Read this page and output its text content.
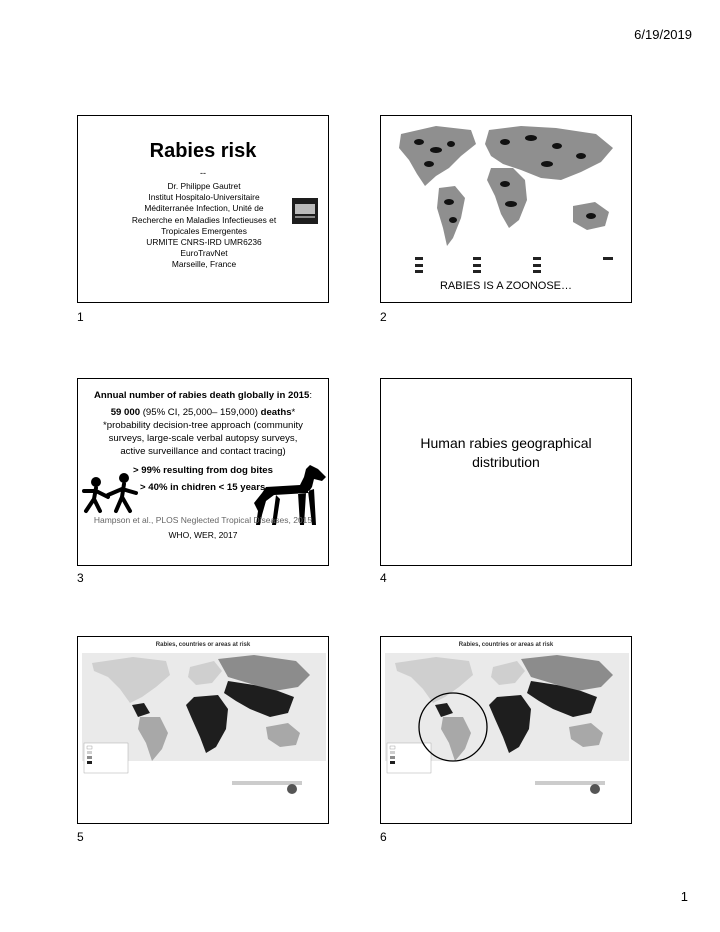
6/19/2019
Rabies risk
--
Dr. Philippe Gautret
Institut Hospitalo-Universitaire
Méditerranée Infection, Unité de
Recherche en Maladies Infectieuses et
Tropicales Emergentes
URMITE CNRS-IRD UMR6236
EuroTravNet
Marseille, France
1
RABIES IS A ZOONOSE…
2
Annual number of rabies death globally in 2015:
59 000 (95% CI, 25,000– 159,000) deaths*
*probability decision-tree approach (community
surveys, large-scale verbal autopsy surveys,
active surveillance and contact tracing)
> 99% resulting from dog bites
> 40% in chidren < 15 years
Hampson et al., PLOS Neglected Tropical Diseases, 2015
WHO, WER, 2017
3
Human rabies geographical
distribution
4
Rabies, countries or areas at risk
5
Rabies, countries or areas at risk
6
1
